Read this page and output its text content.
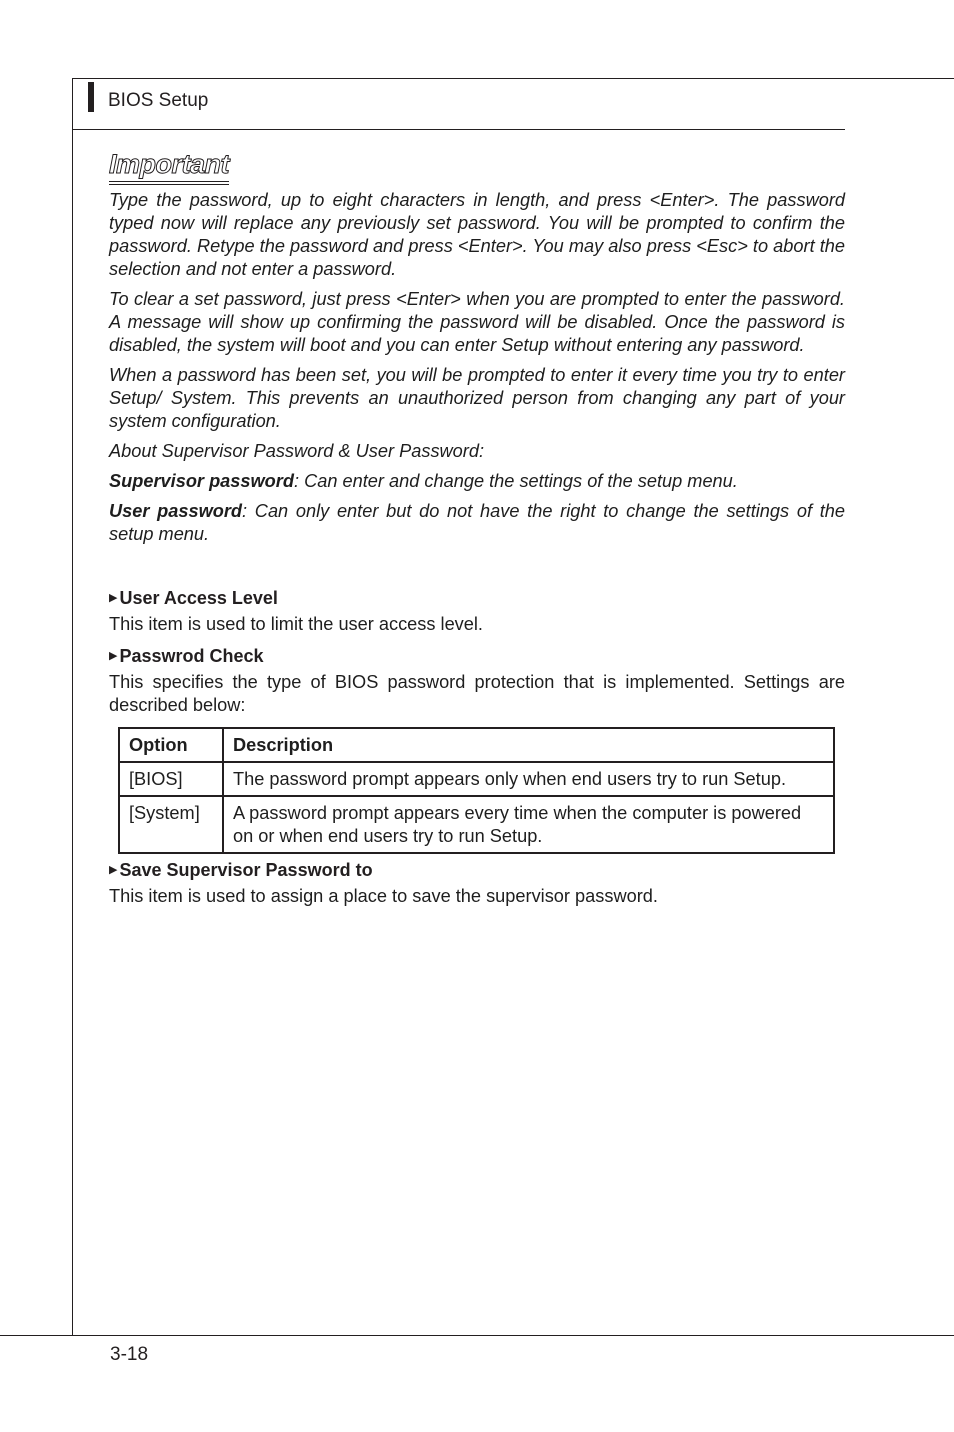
BIOS Setup
Important

Type the password, up to eight characters in length, and press <Enter>. The password typed now will replace any previously set password. You will be prompted to confirm the password. Retype the password and press <Enter>. You may also press <Esc> to abort the selection and not enter a password.

To clear a set password, just press <Enter> when you are prompted to enter the password. A message will show up confirming the password will be disabled. Once the password is disabled, the system will boot and you can enter Setup without entering any password.

When a password has been set, you will be prompted to enter it every time you try to enter Setup/ System. This prevents an unauthorized person from changing any part of your system configuration.

About Supervisor Password & User Password:

Supervisor password: Can enter and change the settings of the setup menu.

User password: Can only enter but do not have the right to change the settings of the setup menu.

▶ User Access Level

This item is used to limit the user access level.

▶ Passwrod Check

This specifies the type of BIOS password protection that is implemented. Settings are described below:

Option	Description
[BIOS]	The password prompt appears only when end users try to run Setup.
[System]	A password prompt appears every time when the computer is powered on or when end users try to run Setup.

▶ Save Supervisor Password to

This item is used to assign a place to save the supervisor password.

3-18
